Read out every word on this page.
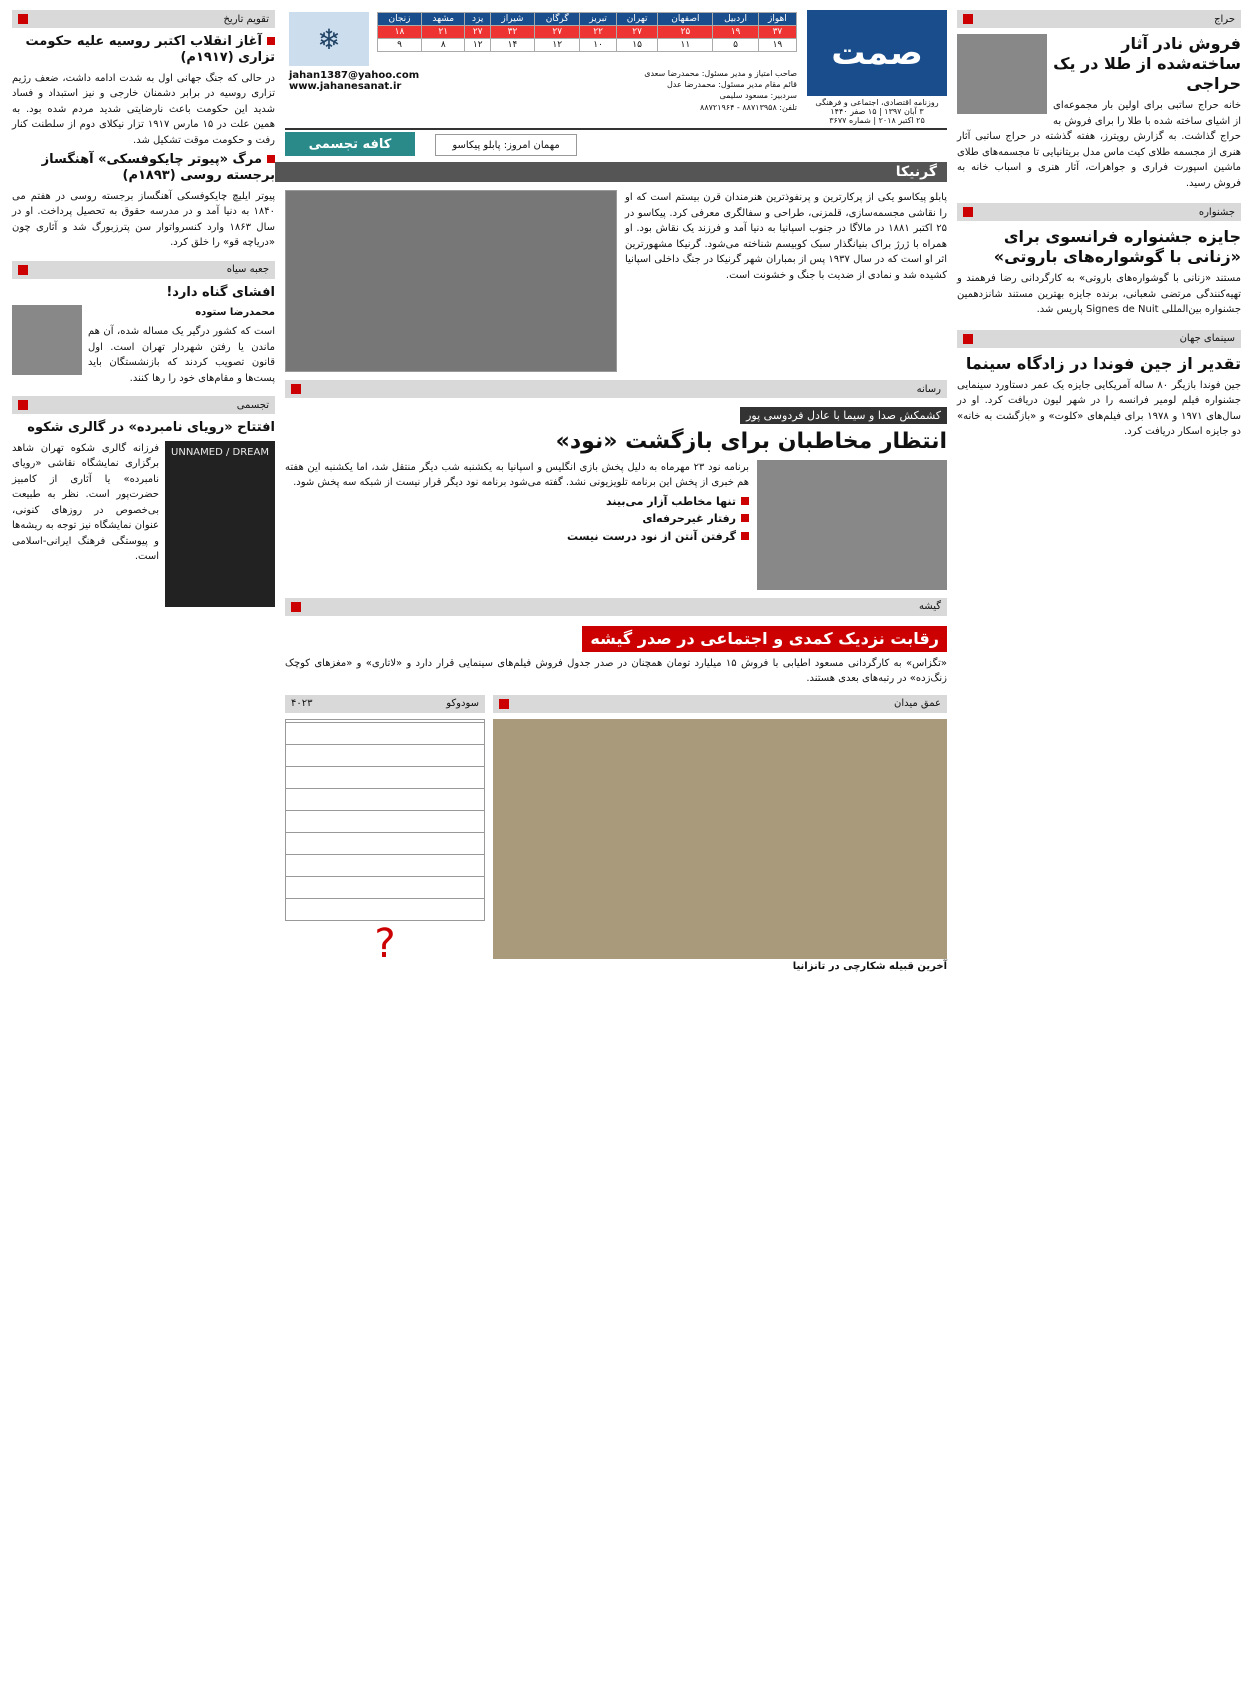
صمت
روزنامه اقتصادی، اجتماعی و فرهنگی
۳ آبان ۱۳۹۷ | ۱۵ صفر ۱۴۴۰
۲۵ اکتبر ۲۰۱۸ | شماره ۳۶۷۷
اهواز	اردبیل	اصفهان	تهران	تبریز	گرگان	شیراز	یزد	مشهد	زنجان
۳۷	۱۹	۲۵	۲۷	۲۲	۲۷	۳۲	۲۷	۲۱	۱۸
۱۹	۵	۱۱	۱۵	۱۰	۱۲	۱۴	۱۲	۸	۹
صاحب امتیاز و مدیر مسئول: محمدرضا سعدی
قائم مقام مدیر مسئول: محمدرضا عدل
سردبیر: مسعود سلیمی
تلفن: ۸۸۷۱۳۹۵۸ - ۸۸۷۲۱۹۶۴
❄
jahan1387@yahoo.com
www.jahanesanat.ir
کافه تجسمی	مهمان امروز:

پابلو پیکاسو
گرنیکا
حراج
فروش نادر آثار ساخته‌شده از طلا در یک حراجی

خانه حراج ساتبی برای اولین بار مجموعه‌ای از اشیای ساخته شده با طلا را برای فروش به حراج گذاشت. به گزارش رویترز، هفته گذشته در حراج ساتبی آثار هنری از مجسمه طلای کیت ماس مدل بریتانیایی تا مجسمه‌های طلای ماشین اسپورت فراری و جواهرات، آثار هنری و اسباب خانه به فروش رسید.

جشنواره
جایزه جشنواره فرانسوی برای «زنانی با گوشواره‌های باروتی»

مستند «زنانی با گوشواره‌های باروتی» به کارگردانی رضا فرهمند و تهیه‌کنندگی مرتضی شعبانی، برنده جایزه بهترین مستند شانزدهمین جشنواره بین‌المللی Signes de Nuit پاریس شد.

سینمای جهان
تقدیر از جین فوندا در زادگاه سینما

جین فوندا بازیگر ۸۰ ساله آمریکایی جایزه یک عمر دستاورد سینمایی جشنواره فیلم لومیر فرانسه را در شهر لیون دریافت کرد. او در سال‌های ۱۹۷۱ و ۱۹۷۸ برای فیلم‌های «کلوت» و «بازگشت به خانه» دو جایزه اسکار دریافت کرد.

پابلو پیکاسو یکی از پرکارترین و پرنفوذترین هنرمندان قرن بیستم است که او را نقاشی مجسمه‌سازی، قلمزنی، طراحی و سفالگری معرفی کرد. پیکاسو در ۲۵ اکتبر ۱۸۸۱ در مالاگا در جنوب اسپانیا به دنیا آمد و فرزند یک نقاش بود. او همراه با ژرژ براک بنیانگذار سبک کوبیسم شناخته می‌شود. گرنیکا مشهورترین اثر او است که در سال ۱۹۳۷ پس از بمباران شهر گرنیکا در جنگ داخلی اسپانیا کشیده شد و نمادی از ضدیت با جنگ و خشونت است.

رسانه
کشمکش صدا و سیما با عادل فردوسی پور
انتظار مخاطبان برای بازگشت «نود»

برنامه نود ۲۳ مهرماه به دلیل پخش بازی انگلیس و اسپانیا به یکشنبه شب دیگر منتقل شد، اما یکشنبه این هفته هم خبری از پخش این برنامه تلویزیونی نشد. گفته می‌شود برنامه نود دیگر قرار نیست از شبکه سه پخش شود.

تنها مخاطب آزار می‌بیند
رفتار غیرحرفه‌ای
گرفتن آنتن از نود درست نیست
گیشه
رقابت نزدیک کمدی و اجتماعی در صدر گیشه

«تگزاس» به کارگردانی مسعود اطیابی با فروش ۱۵ میلیارد تومان همچنان در صدر جدول فروش فیلم‌های سینمایی قرار دارد و «لاتاری» و «مغزهای کوچک زنگ‌زده» در رتبه‌های بعدی هستند.

عمق میدان
آخرین قبیله شکارچی در تانزانیا
سودوکو
۴۰۲۳
?
تقویم تاریخ
آغاز انقلاب اکتبر روسیه علیه حکومت تزاری (۱۹۱۷م)

در حالی که جنگ جهانی اول به شدت ادامه داشت، ضعف رژیم تزاری روسیه در برابر دشمنان خارجی و نیز استبداد و فساد شدید این حکومت باعث نارضایتی شدید مردم شده بود. به همین علت در ۱۵ مارس ۱۹۱۷ تزار نیکلای دوم از سلطنت کنار رفت و حکومت موقت تشکیل شد.

مرگ «پیوتر چایکوفسکی» آهنگساز برجسته روسی (۱۸۹۳م)

پیوتر ایلیچ چایکوفسکی آهنگساز برجسته روسی در هفتم می ۱۸۴۰ به دنیا آمد و در مدرسه حقوق به تحصیل پرداخت. او در سال ۱۸۶۳ وارد کنسرواتوار سن پترزبورگ شد و آثاری چون «دریاچه قو» را خلق کرد.

جعبه سیاه
افشای گناه دارد!
محمدرضا ستوده

است که کشور درگیر یک مساله شده، آن هم ماندن یا رفتن شهردار تهران است. اول قانون تصویب کردند که بازنشستگان باید پست‌ها و مقام‌های خود را رها کنند.

تجسمی
افتتاح «رویای نامبرده» در گالری شکوه
UNNAMED / DREAM

فرزانه گالری شکوه تهران شاهد برگزاری نمایشگاه نقاشی «رویای نامبرده» یا آثاری از کامبیز حضرت‌پور است. نظر به طبیعت بی‌خصوص در روزهای کنونی، عنوان نمایشگاه نیز توجه به ریشه‌ها و پیوستگی فرهنگ ایرانی-اسلامی است.
